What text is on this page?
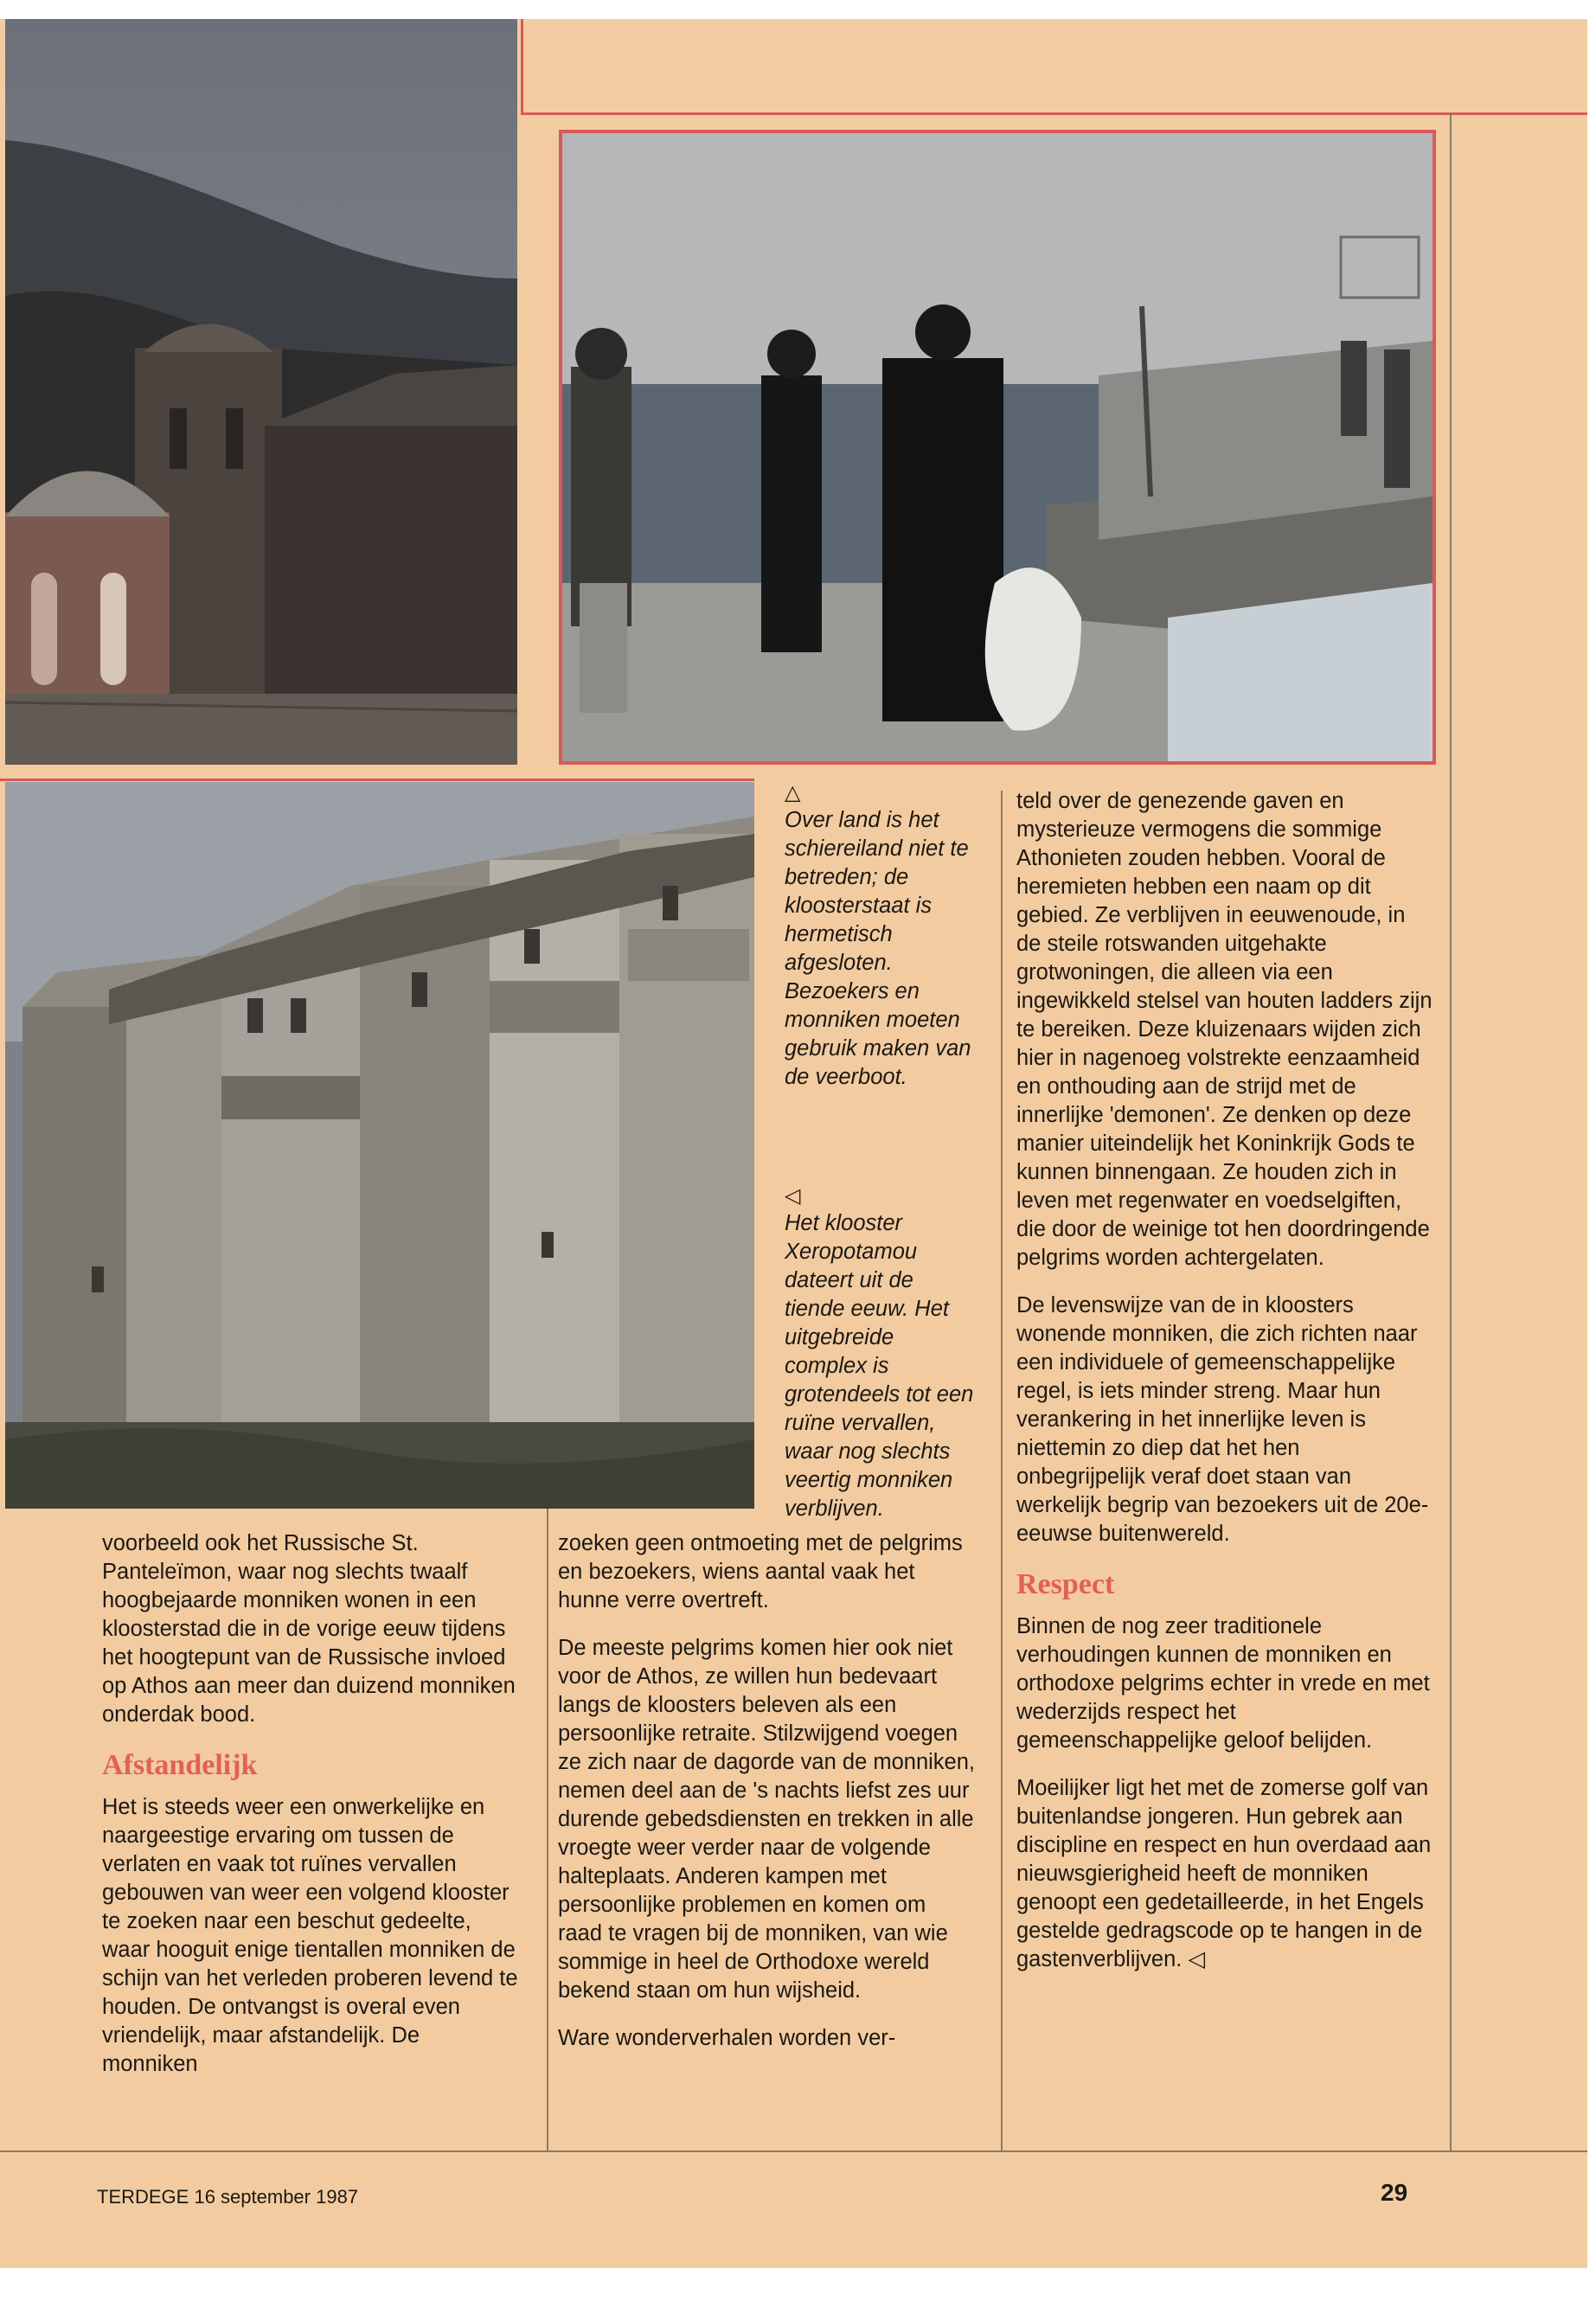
△
Over land is het schiereiland niet te betreden; de kloosterstaat is hermetisch afgesloten. Bezoekers en monniken moeten gebruik maken van de veerboot.
◁
Het klooster Xeropotamou dateert uit de tiende eeuw. Het uitgebreide complex is grotendeels tot een ruïne vervallen, waar nog slechts veertig monniken verblijven.

voorbeeld ook het Russische St. Panteleïmon, waar nog slechts twaalf hoogbejaarde monniken wonen in een kloosterstad die in de vorige eeuw tijdens het hoogtepunt van de Russische invloed op Athos aan meer dan duizend monniken onderdak bood.

Afstandelijk

Het is steeds weer een onwerkelijke en naargeestige ervaring om tussen de verlaten en vaak tot ruïnes vervallen gebouwen van weer een volgend klooster te zoeken naar een beschut gedeelte, waar hooguit enige tientallen monniken de schijn van het verleden proberen levend te houden. De ontvangst is overal even vriendelijk, maar afstandelijk. De monniken

zoeken geen ontmoeting met de pelgrims en bezoekers, wiens aantal vaak het hunne verre overtreft.

De meeste pelgrims komen hier ook niet voor de Athos, ze willen hun bedevaart langs de kloosters beleven als een persoonlijke retraite. Stilzwijgend voegen ze zich naar de dagorde van de monniken, nemen deel aan de 's nachts liefst zes uur durende gebedsdiensten en trekken in alle vroegte weer verder naar de volgende halteplaats. Anderen kampen met persoonlijke problemen en komen om raad te vragen bij de monniken, van wie sommige in heel de Orthodoxe wereld bekend staan om hun wijsheid.

Ware wonderverhalen worden ver-

teld over de genezende gaven en mysterieuze vermogens die sommige Athonieten zouden hebben. Vooral de heremieten hebben een naam op dit gebied. Ze verblijven in eeuwenoude, in de steile rotswanden uitgehakte grotwoningen, die alleen via een ingewikkeld stelsel van houten ladders zijn te bereiken. Deze kluizenaars wijden zich hier in nagenoeg volstrekte eenzaamheid en onthouding aan de strijd met de innerlijke 'demonen'. Ze denken op deze manier uiteindelijk het Koninkrijk Gods te kunnen binnengaan. Ze houden zich in leven met regenwater en voedselgiften, die door de weinige tot hen doordringende pelgrims worden achtergelaten.

De levenswijze van de in kloosters wonende monniken, die zich richten naar een individuele of gemeenschappelijke regel, is iets minder streng. Maar hun verankering in het innerlijke leven is niettemin zo diep dat het hen onbegrijpelijk veraf doet staan van werkelijk begrip van bezoekers uit de 20e-eeuwse buitenwereld.

Respect

Binnen de nog zeer traditionele verhoudingen kunnen de monniken en orthodoxe pelgrims echter in vrede en met wederzijds respect het gemeenschappelijke geloof belijden.

Moeilijker ligt het met de zomerse golf van buitenlandse jongeren. Hun gebrek aan discipline en respect en hun overdaad aan nieuwsgierigheid heeft de monniken genoopt een gedetailleerde, in het Engels gestelde gedragscode op te hangen in de gastenverblijven. ◁

TERDEGE 16 september 1987	29
